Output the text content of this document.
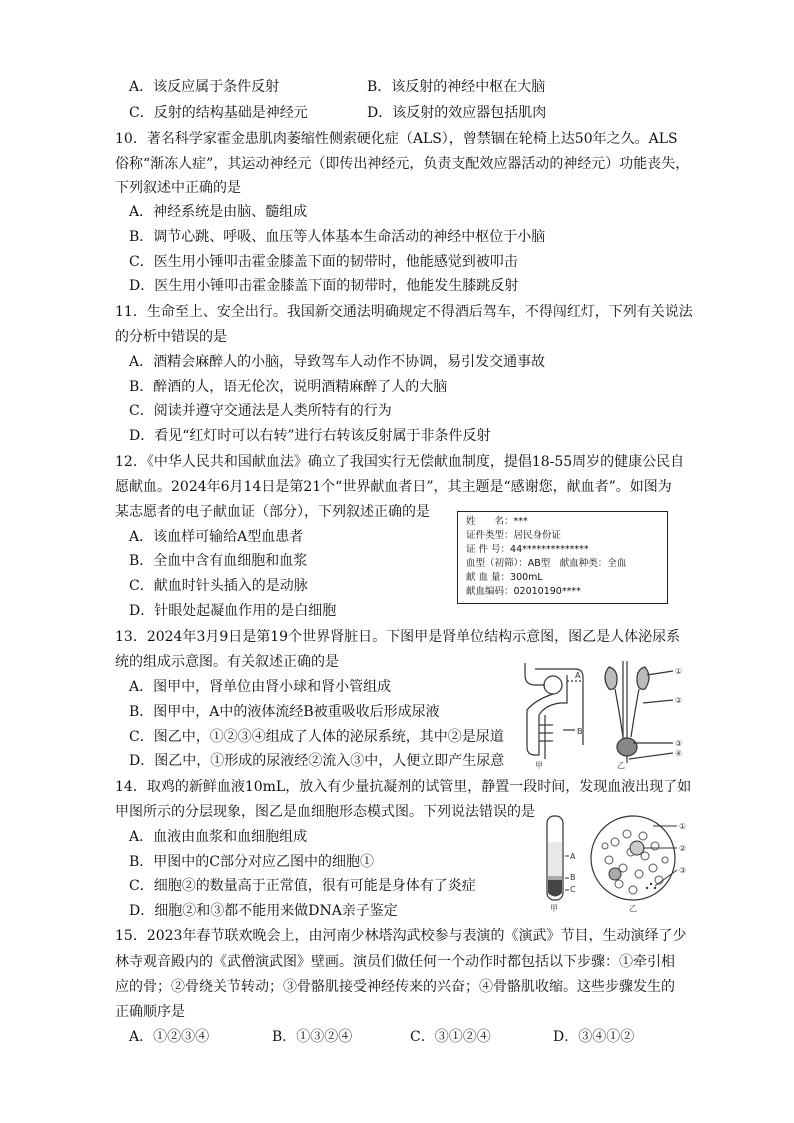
A．该反应属于条件反射	B．该反射的神经中枢在大脑
C．反射的结构基础是神经元	D．该反射的效应器包括肌肉
10．著名科学家霍金患肌肉萎缩性侧索硬化症（ALS），曾禁锢在轮椅上达50年之久。ALS
俗称“渐冻人症”，其运动神经元（即传出神经元，负责支配效应器活动的神经元）功能丧失，
下列叙述中正确的是
A．神经系统是由脑、髓组成
B．调节心跳、呼吸、血压等人体基本生命活动的神经中枢位于小脑
C．医生用小锤叩击霍金膝盖下面的韧带时，他能感觉到被叩击
D．医生用小锤叩击霍金膝盖下面的韧带时，他能发生膝跳反射
11．生命至上、安全出行。我国新交通法明确规定不得酒后驾车，不得闯红灯，下列有关说法
的分析中错误的是
A．酒精会麻醉人的小脑，导致驾车人动作不协调，易引发交通事故
B．醉酒的人，语无伦次，说明酒精麻醉了人的大脑
C．阅读并遵守交通法是人类所特有的行为
D．看见“红灯时可以右转”进行右转该反射属于非条件反射
12．《中华人民共和国献血法》确立了我国实行无偿献血制度，提倡18-55周岁的健康公民自
愿献血。2024年6月14日是第21个“世界献血者日”，其主题是“感谢您，献血者”。如图为
某志愿者的电子献血证（部分），下列叙述正确的是
A．该血样可输给A型血患者
B．全血中含有血细胞和血浆
C．献血时针头插入的是动脉
D．针眼处起凝血作用的是白细胞
姓　　名：***
证件类型：居民身份证
证 件 号：44**************
血型（初筛）：AB型　献血种类：全血
献 血 量：300mL
献血编码：02010190****
13．2024年3月9日是第19个世界肾脏日。下图甲是肾单位结构示意图，图乙是人体泌尿系
统的组成示意图。有关叙述正确的是
A．图甲中，肾单位由肾小球和肾小管组成
B．图甲中，A中的液体流经B被重吸收后形成尿液
C．图乙中，①②③④组成了人体的泌尿系统，其中②是尿道
D．图乙中，①形成的尿液经②流入③中，人便立即产生尿意
A
B
甲
①
②
③
④
乙
14．取鸡的新鲜血液10mL，放入有少量抗凝剂的试管里，静置一段时间，发现血液出现了如
甲图所示的分层现象，图乙是血细胞形态模式图。下列说法错误的是
A．血液由血浆和血细胞组成
B．甲图中的C部分对应乙图中的细胞①
C．细胞②的数量高于正常值，很有可能是身体有了炎症
D．细胞②和③都不能用来做DNA亲子鉴定
A
B
C
甲
①
②
③
乙
15．2023年春节联欢晚会上，由河南少林塔沟武校参与表演的《演武》节目，生动演绎了少
林寺观音殿内的《武僧演武图》壁画。演员们做任何一个动作时都包括以下步骤：①牵引相
应的骨；②骨绕关节转动；③骨骼肌接受神经传来的兴奋；④骨骼肌收缩。这些步骤发生的
正确顺序是
A．①②③④	B．①③②④	C．③①②④	D．③④①②
